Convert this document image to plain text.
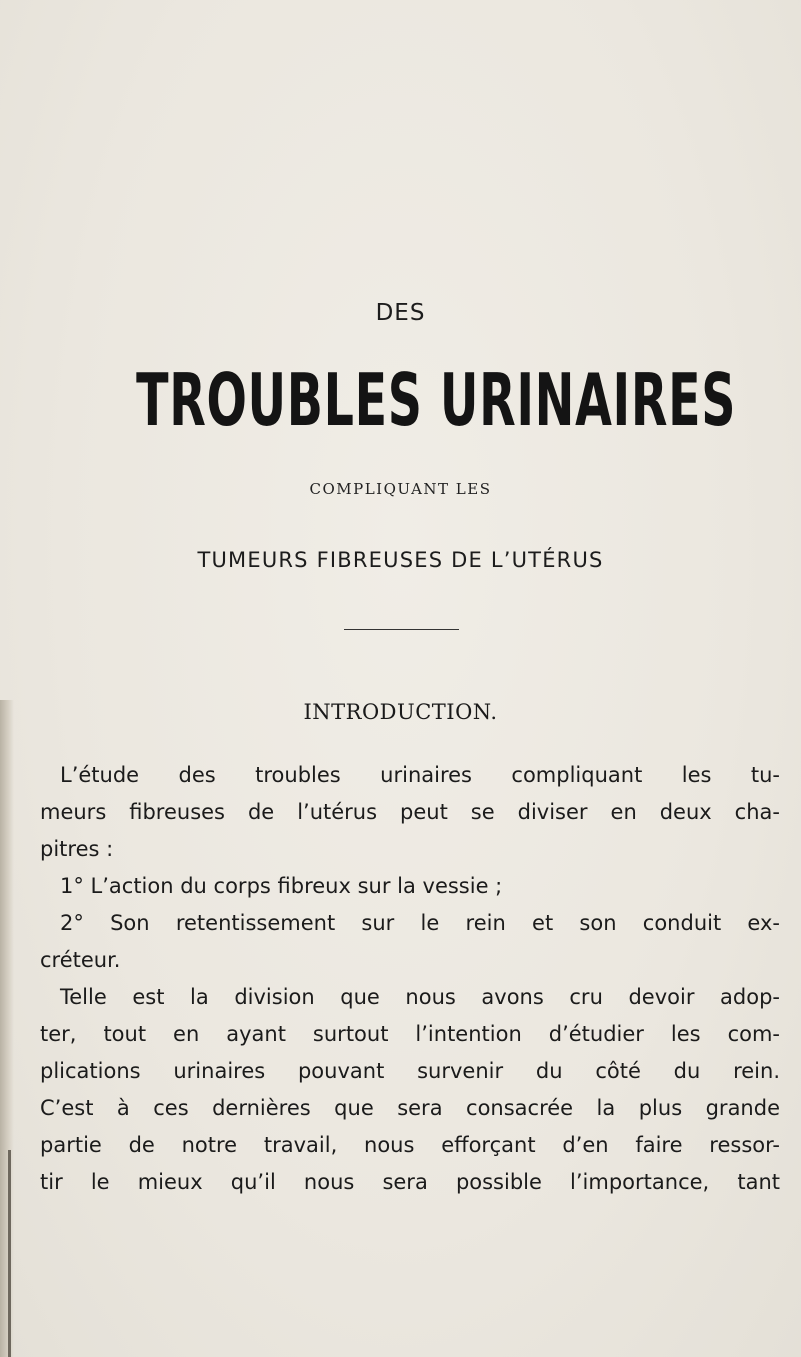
DES
TROUBLES URINAIRES
COMPLIQUANT LES
TUMEURS FIBREUSES DE L’UTÉRUS
INTRODUCTION.
L’étude des troubles urinaires compliquant les tu-
meurs fibreuses de l’utérus peut se diviser en deux cha-
pitres :
1° L’action du corps fibreux sur la vessie ;
2° Son retentissement sur le rein et son conduit ex-
créteur.
Telle est la division que nous avons cru devoir adop-
ter, tout en ayant surtout l’intention d’étudier les com-
plications urinaires pouvant survenir du côté du rein.
C’est à ces dernières que sera consacrée la plus grande
partie de notre travail, nous efforçant d’en faire ressor-
tir le mieux qu’il nous sera possible l’importance, tant
